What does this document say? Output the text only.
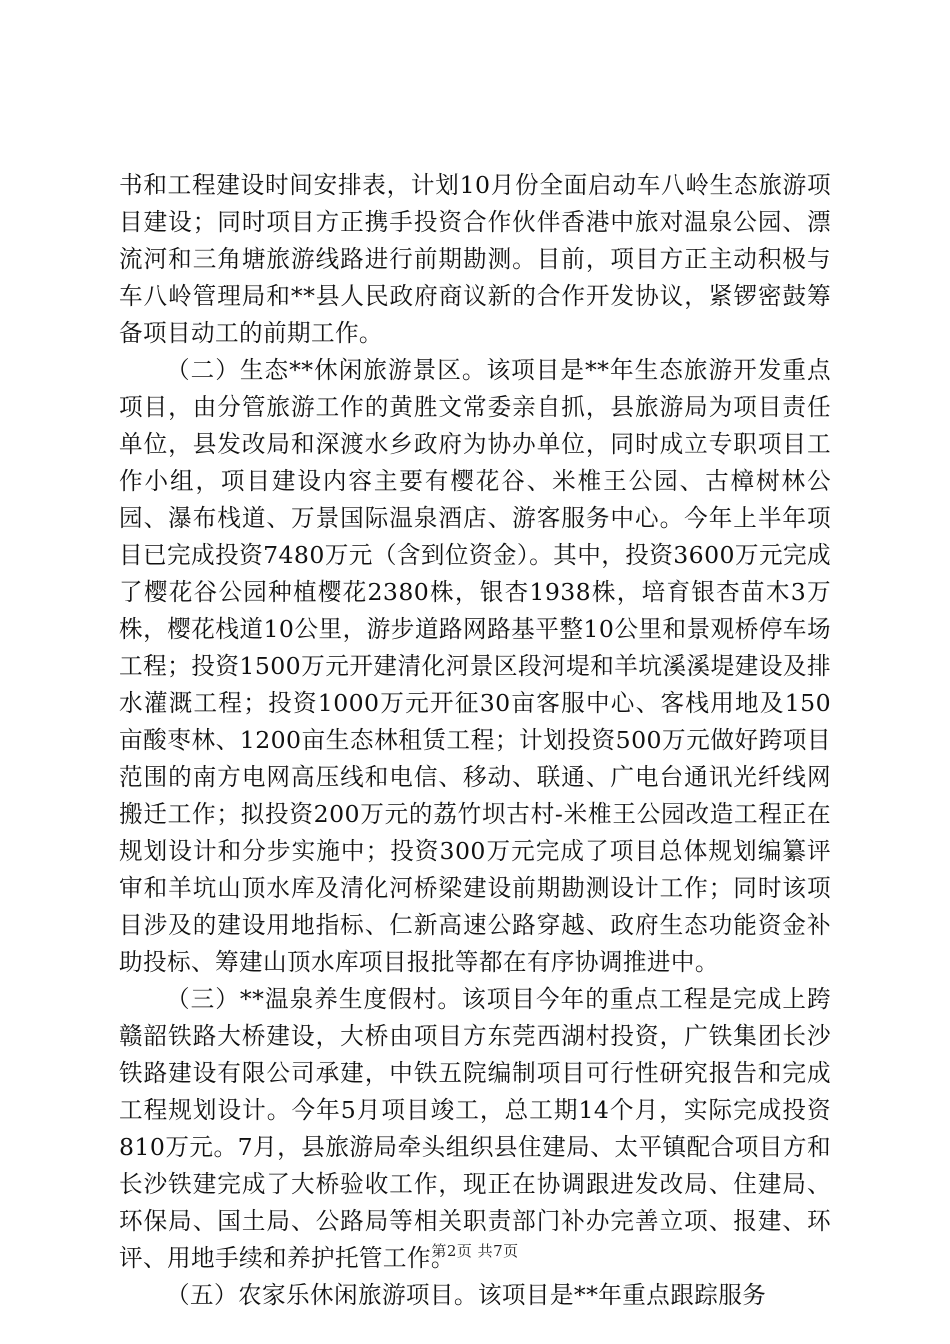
书和工程建设时间安排表，计划10月份全面启动车八岭生态旅游项目建设；同时项目方正携手投资合作伙伴香港中旅对温泉公园、漂流河和三角塘旅游线路进行前期勘测。目前，项目方正主动积极与车八岭管理局和**县人民政府商议新的合作开发协议，紧锣密鼓筹备项目动工的前期工作。

（二）生态**休闲旅游景区。该项目是**年生态旅游开发重点项目，由分管旅游工作的黄胜文常委亲自抓，县旅游局为项目责任单位，县发改局和深渡水乡政府为协办单位，同时成立专职项目工作小组，项目建设内容主要有樱花谷、米椎王公园、古樟树林公园、瀑布栈道、万景国际温泉酒店、游客服务中心。今年上半年项目已完成投资7480万元（含到位资金）。其中，投资3600万元完成了樱花谷公园种植樱花2380株，银杏1938株，培育银杏苗木3万株，樱花栈道10公里，游步道路网路基平整10公里和景观桥停车场工程；投资1500万元开建清化河景区段河堤和羊坑溪溪堤建设及排水灌溉工程；投资1000万元开征30亩客服中心、客栈用地及150亩酸枣林、1200亩生态林租赁工程；计划投资500万元做好跨项目范围的南方电网高压线和电信、移动、联通、广电台通讯光纤线网搬迁工作；拟投资200万元的荔竹坝古村-米椎王公园改造工程正在规划设计和分步实施中；投资300万元完成了项目总体规划编纂评审和羊坑山顶水库及清化河桥梁建设前期勘测设计工作；同时该项目涉及的建设用地指标、仁新高速公路穿越、政府生态功能资金补助投标、筹建山顶水库项目报批等都在有序协调推进中。

（三）**温泉养生度假村。该项目今年的重点工程是完成上跨赣韶铁路大桥建设，大桥由项目方东莞西湖村投资，广铁集团长沙铁路建设有限公司承建，中铁五院编制项目可行性研究报告和完成工程规划设计。今年5月项目竣工，总工期14个月，实际完成投资810万元。7月，县旅游局牵头组织县住建局、太平镇配合项目方和长沙铁建完成了大桥验收工作，现正在协调跟进发改局、住建局、环保局、国土局、公路局等相关职责部门补办完善立项、报建、环评、用地手续和养护托管工作。

（五）农家乐休闲旅游项目。该项目是**年重点跟踪服务

第2页 共7页
